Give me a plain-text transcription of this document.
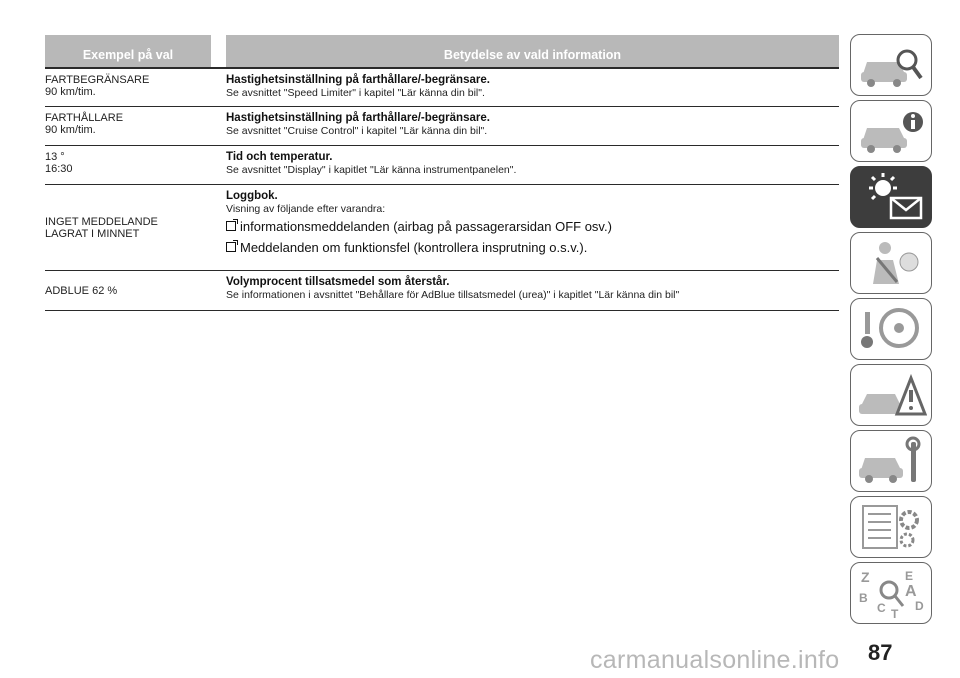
Exempel på val	Betydelse av vald information
FARTBEGRÄNSARE
90 km/tim.
Hastighetsinställning på farthållare/-begränsare.
Se avsnittet "Speed Limiter" i kapitel "Lär känna din bil".
FARTHÅLLARE
90 km/tim.
Hastighetsinställning på farthållare/-begränsare.
Se avsnittet "Cruise Control" i kapitel "Lär känna din bil".
13 °
16:30
Tid och temperatur.
Se avsnittet "Display" i kapitlet "Lär känna instrumentpanelen".
INGET MEDDELANDE
LAGRAT I MINNET
Loggbok.
Visning av följande efter varandra:
informationsmeddelanden (airbag på passagerarsidan OFF osv.)
Meddelanden om funktionsfel (kontrollera insprutning o.s.v.).
ADBLUE 62 %
Volymprocent tillsatsmedel som återstår.
Se informationen i avsnittet "Behållare för AdBlue tillsatsmedel (urea)" i kapitlet "Lär känna din bil"
Z	E
A
B
C D
T
carmanualsonline.info 87
